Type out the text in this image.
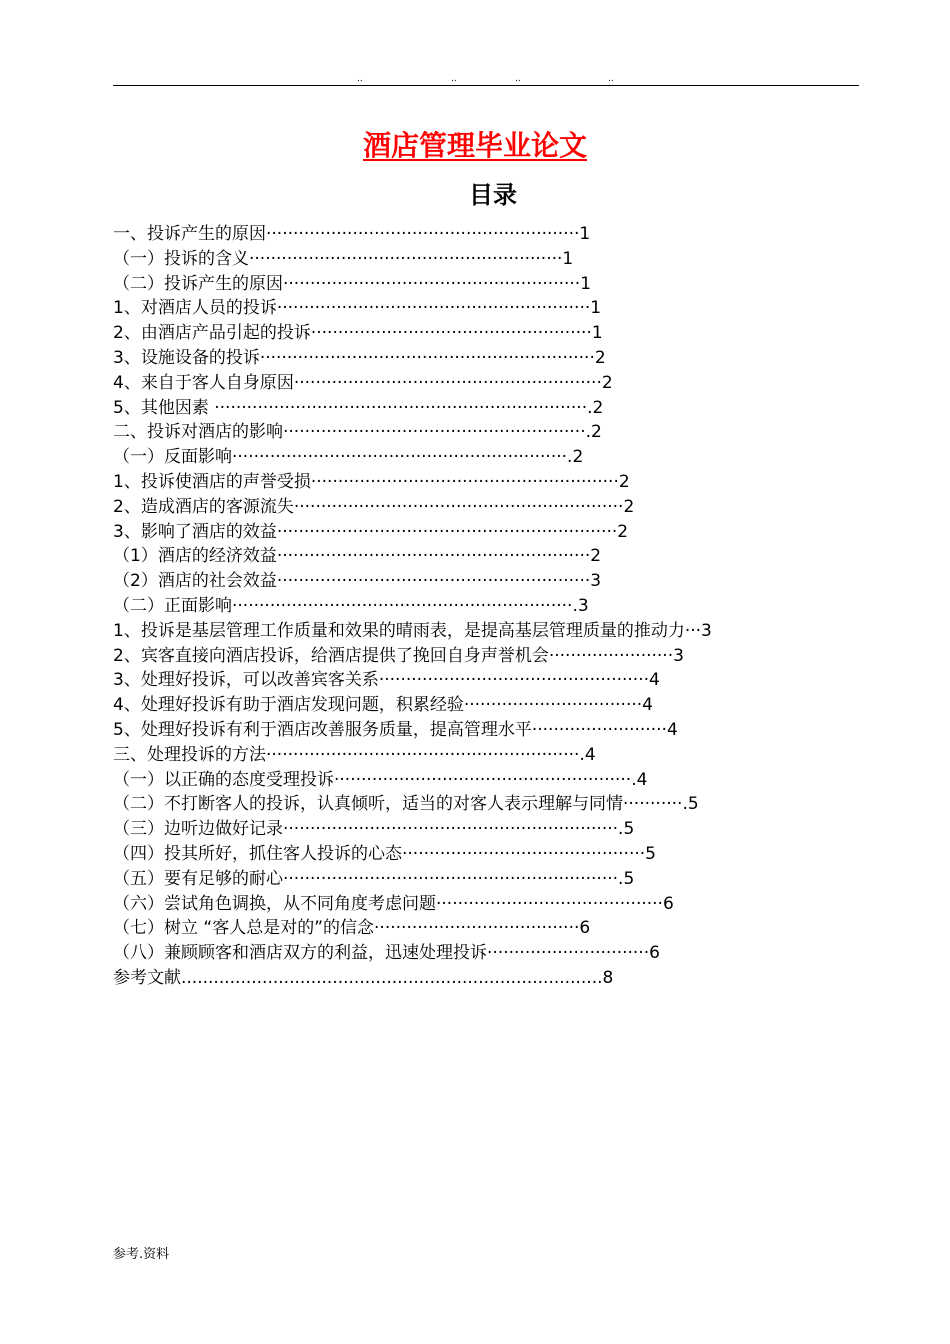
..	..	..	..
酒店管理毕业论文
目录
一、投诉产生的原因··························································1
（一）投诉的含义··························································1
（二）投诉产生的原因·······················································1
1、对酒店人员的投诉··························································1
2、由酒店产品引起的投诉····················································1
3、设施设备的投诉······························································2
4、来自于客人自身原因·························································2
5、其他因素 ·····································································.2
二、投诉对酒店的影响························································.2
（一）反面影响······························································.2
1、投诉使酒店的声誉受损·························································2
2、造成酒店的客源流失·····························································2
3、影响了酒店的效益·······························································2
（1）酒店的经济效益··························································2
（2）酒店的社会效益··························································3
（二）正面影响·······························································.3
1、投诉是基层管理工作质量和效果的晴雨表，是提高基层管理质量的推动力···3
2、宾客直接向酒店投诉，给酒店提供了挽回自身声誉机会·······················3
3、处理好投诉，可以改善宾客关系··················································4
4、处理好投诉有助于酒店发现问题，积累经验·································4
5、处理好投诉有利于酒店改善服务质量，提高管理水平·························4
三、处理投诉的方法··························································.4
（一）以正确的态度受理投诉·······················································.4
（二）不打断客人的投诉，认真倾听，适当的对客人表示理解与同情···········.5
（三）边听边做好记录······························································.5
（四）投其所好，抓住客人投诉的心态·············································5
（五）要有足够的耐心······························································.5
（六）尝试角色调换，从不同角度考虑问题··········································6
（七）树立 “客人总是对的”的信念······································6
（八）兼顾顾客和酒店双方的利益，迅速处理投诉······························6
参考文献..............................................................................8
参考.资料
